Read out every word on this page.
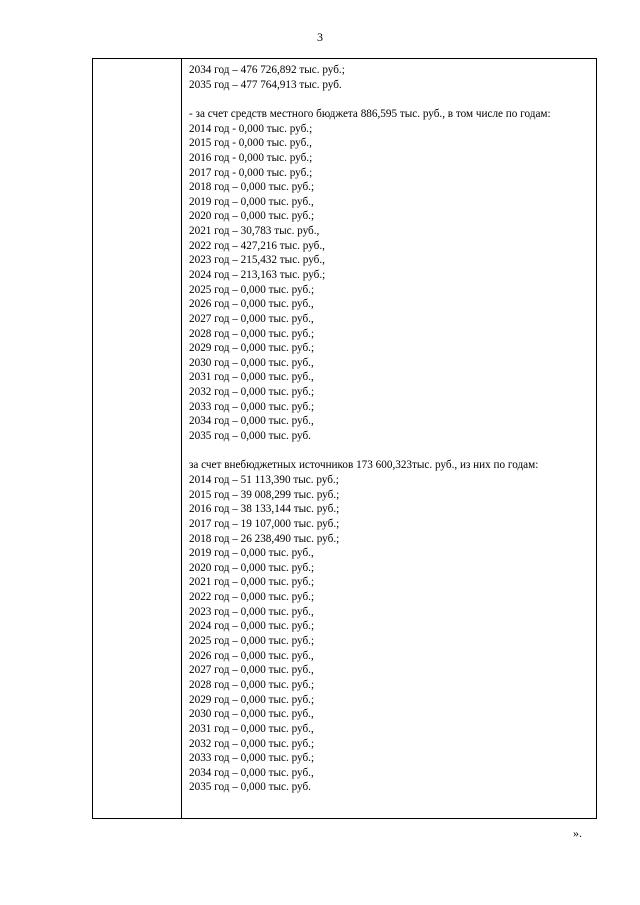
3
2034 год – 476 726,892 тыс. руб.;
2035 год – 477 764,913 тыс. руб.
- за счет средств местного бюджета 886,595 тыс. руб., в том числе по годам:
2014 год - 0,000 тыс. руб.;
2015 год - 0,000 тыс. руб.,
2016 год - 0,000 тыс. руб.;
2017 год - 0,000 тыс. руб.;
2018 год – 0,000 тыс. руб.;
2019 год – 0,000 тыс. руб.,
2020 год – 0,000 тыс. руб.;
2021 год – 30,783 тыс. руб.,
2022 год – 427,216 тыс. руб.,
2023 год – 215,432 тыс. руб.,
2024 год – 213,163 тыс. руб.;
2025 год – 0,000 тыс. руб.;
2026 год – 0,000 тыс. руб.,
2027 год – 0,000 тыс. руб.,
2028 год – 0,000 тыс. руб.;
2029 год – 0,000 тыс. руб.;
2030 год – 0,000 тыс. руб.,
2031 год – 0,000 тыс. руб.,
2032 год – 0,000 тыс. руб.;
2033 год – 0,000 тыс. руб.;
2034 год – 0,000 тыс. руб.,
2035 год – 0,000 тыс. руб.
за счет внебюджетных источников 173 600,323тыс. руб., из них по годам:
2014 год – 51 113,390 тыс. руб.;
2015 год – 39 008,299 тыс. руб.;
2016 год – 38 133,144 тыс. руб.;
2017 год – 19 107,000 тыс. руб.;
2018 год – 26 238,490 тыс. руб.;
2019 год – 0,000 тыс. руб.,
2020 год – 0,000 тыс. руб.;
2021 год – 0,000 тыс. руб.;
2022 год – 0,000 тыс. руб.;
2023 год – 0,000 тыс. руб.,
2024 год – 0,000 тыс. руб.;
2025 год – 0,000 тыс. руб.;
2026 год – 0,000 тыс. руб.,
2027 год – 0,000 тыс. руб.,
2028 год – 0,000 тыс. руб.;
2029 год – 0,000 тыс. руб.;
2030 год – 0,000 тыс. руб.,
2031 год – 0,000 тыс. руб.,
2032 год – 0,000 тыс. руб.;
2033 год – 0,000 тыс. руб.;
2034 год – 0,000 тыс. руб.,
2035 год – 0,000 тыс. руб.
».
